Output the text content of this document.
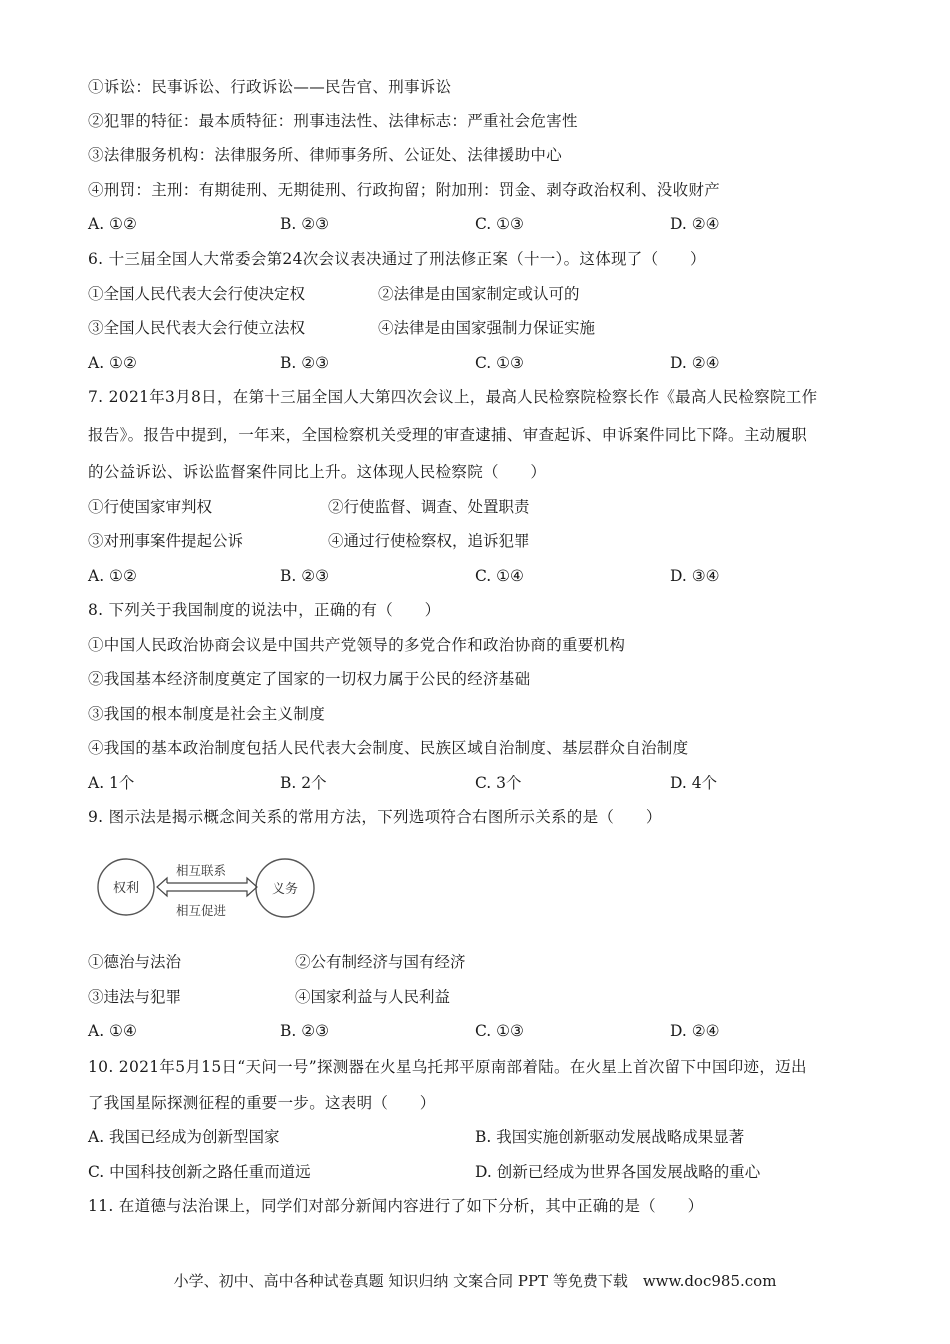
①诉讼：民事诉讼、行政诉讼——民告官、刑事诉讼
②犯罪的特征：最本质特征：刑事违法性、法律标志：严重社会危害性
③法律服务机构：法律服务所、律师事务所、公证处、法律援助中心
④刑罚：主刑：有期徒刑、无期徒刑、行政拘留；附加刑：罚金、剥夺政治权利、没收财产
A. ①②	B. ②③	C. ①③	D. ②④
6. 十三届全国人大常委会第24次会议表决通过了刑法修正案（十一）。这体现了（　　）
①全国人民代表大会行使决定权	②法律是由国家制定或认可的
③全国人民代表大会行使立法权	④法律是由国家强制力保证实施
A. ①②	B. ②③	C. ①③	D. ②④
7. 2021年3月8日，在第十三届全国人大第四次会议上，最高人民检察院检察长作《最高人民检察院工作
报告》。报告中提到，一年来，全国检察机关受理的审查逮捕、审查起诉、申诉案件同比下降。主动履职
的公益诉讼、诉讼监督案件同比上升。这体现人民检察院（　　）
①行使国家审判权	②行使监督、调查、处置职责
③对刑事案件提起公诉	④通过行使检察权，追诉犯罪
A. ①②	B. ②③	C. ①④	D. ③④
8. 下列关于我国制度的说法中，正确的有（　　）
①中国人民政治协商会议是中国共产党领导的多党合作和政治协商的重要机构
②我国基本经济制度奠定了国家的一切权力属于公民的经济基础
③我国的根本制度是社会主义制度
④我国的基本政治制度包括人民代表大会制度、民族区域自治制度、基层群众自治制度
A. 1个	B. 2个	C. 3个	D. 4个
9. 图示法是揭示概念间关系的常用方法，下列选项符合右图所示关系的是（　　）
权利	义务
相互联系
相互促进
①德治与法治	②公有制经济与国有经济
③违法与犯罪	④国家利益与人民利益
A. ①④	B. ②③	C. ①③	D. ②④
10. 2021年5月15日“天问一号”探测器在火星乌托邦平原南部着陆。在火星上首次留下中国印迹，迈出
了我国星际探测征程的重要一步。这表明（　　）
A. 我国已经成为创新型国家	B. 我国实施创新驱动发展战略成果显著
C. 中国科技创新之路任重而道远	D. 创新已经成为世界各国发展战略的重心
11. 在道德与法治课上，同学们对部分新闻内容进行了如下分析，其中正确的是（　　）
小学、初中、高中各种试卷真题 知识归纳 文案合同 PPT 等免费下载　www.doc985.com
